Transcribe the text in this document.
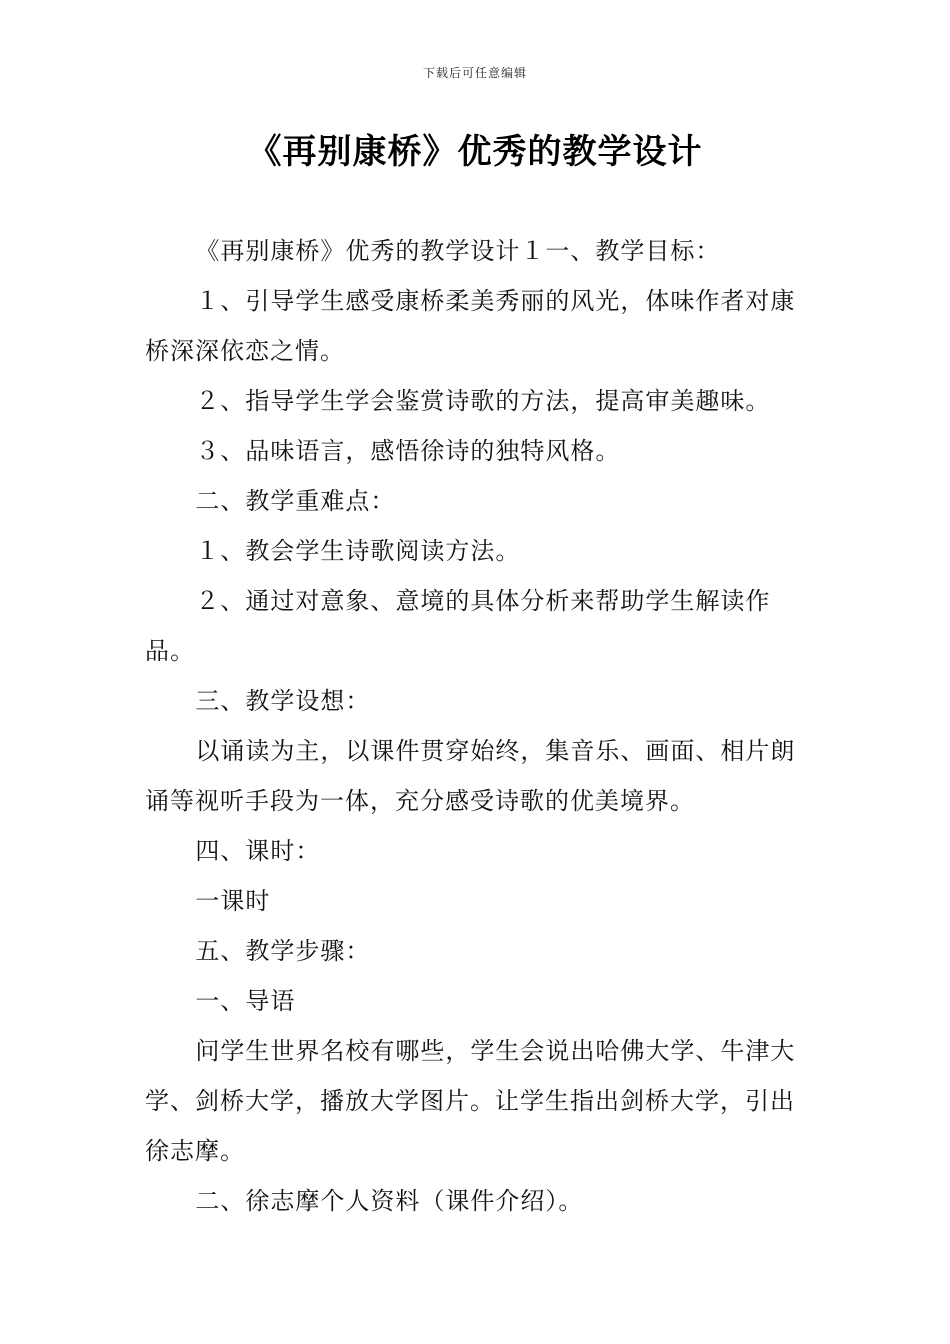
下载后可任意编辑
《再别康桥》优秀的教学设计

《再别康桥》优秀的教学设计１一、教学目标：

１、引导学生感受康桥柔美秀丽的风光，体味作者对康桥深深依恋之情。

２、指导学生学会鉴赏诗歌的方法，提高审美趣味。

３、品味语言，感悟徐诗的独特风格。

二、教学重难点：

１、教会学生诗歌阅读方法。

２、通过对意象、意境的具体分析来帮助学生解读作品。

三、教学设想：

以诵读为主，以课件贯穿始终，集音乐、画面、相片朗诵等视听手段为一体，充分感受诗歌的优美境界。

四、课时：

一课时

五、教学步骤：

一、导语

问学生世界名校有哪些，学生会说出哈佛大学、牛津大学、剑桥大学，播放大学图片。让学生指出剑桥大学，引出徐志摩。

二、徐志摩个人资料（课件介绍）。
